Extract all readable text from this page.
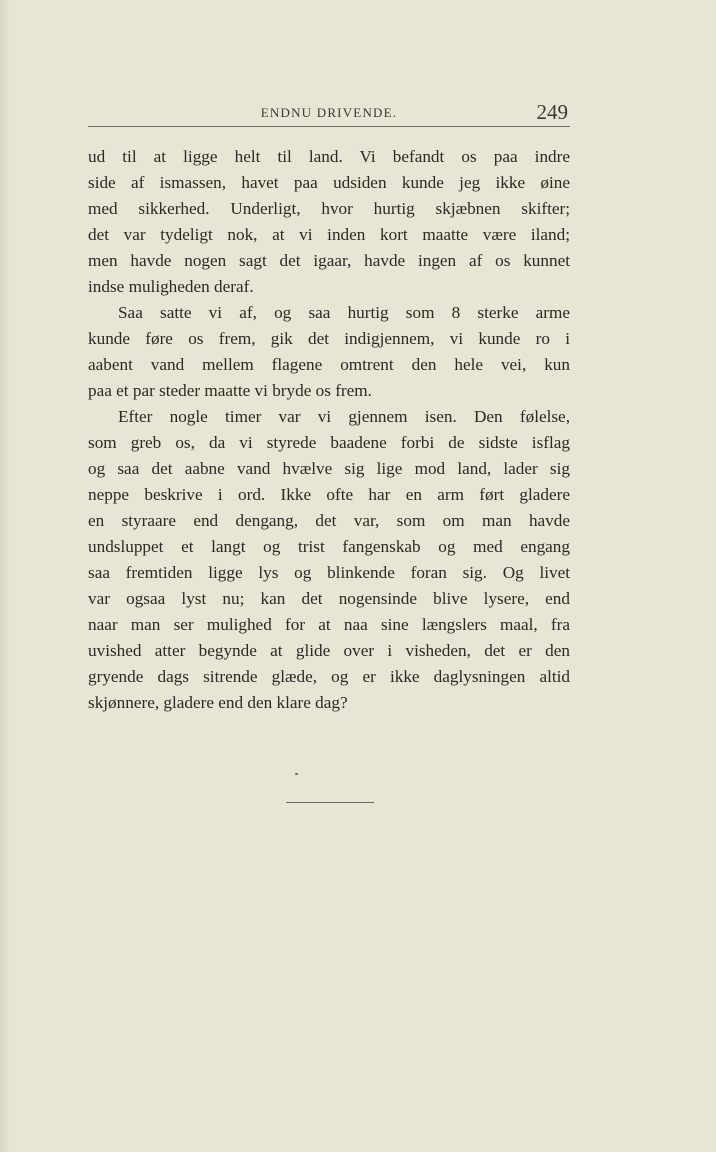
ENDNU DRIVENDE.	249
ud til at ligge helt til land. Vi befandt os paa indre
side af ismassen, havet paa udsiden kunde jeg ikke øine
med sikkerhed. Underligt, hvor hurtig skjæbnen skifter;
det var tydeligt nok, at vi inden kort maatte være iland;
men havde nogen sagt det igaar, havde ingen af os kunnet
indse muligheden deraf.
Saa satte vi af, og saa hurtig som 8 sterke arme
kunde føre os frem, gik det indigjennem, vi kunde ro i
aabent vand mellem flagene omtrent den hele vei, kun
paa et par steder maatte vi bryde os frem.
Efter nogle timer var vi gjennem isen. Den følelse,
som greb os, da vi styrede baadene forbi de sidste isflag
og saa det aabne vand hvælve sig lige mod land, lader sig
neppe beskrive i ord. Ikke ofte har en arm ført gladere
en styraare end dengang, det var, som om man havde
undsluppet et langt og trist fangenskab og med engang
saa fremtiden ligge lys og blinkende foran sig. Og livet
var ogsaa lyst nu; kan det nogensinde blive lysere, end
naar man ser mulighed for at naa sine længslers maal, fra
uvished atter begynde at glide over i visheden, det er den
gryende dags sitrende glæde, og er ikke daglysningen altid
skjønnere, gladere end den klare dag?
